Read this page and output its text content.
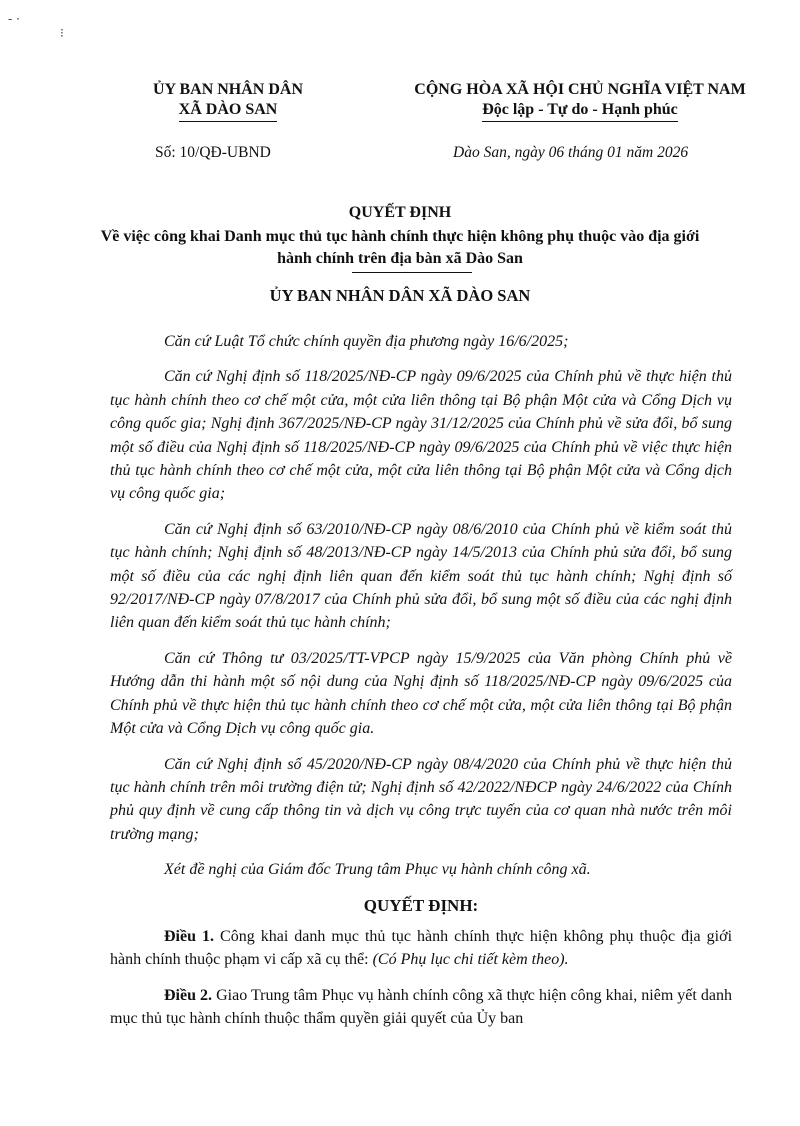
- ·
⁝
ỦY BAN NHÂN DÂN
XÃ DÀO SAN
CỘNG HÒA XÃ HỘI CHỦ NGHĨA VIỆT NAM
Độc lập - Tự do - Hạnh phúc
Số: 10/QĐ-UBND	Dào San, ngày 06 tháng 01 năm 2026
QUYẾT ĐỊNH
Về việc công khai Danh mục thủ tục hành chính thực hiện không phụ thuộc vào địa giới hành chính trên địa bàn xã Dào San
ỦY BAN NHÂN DÂN XÃ DÀO SAN

Căn cứ Luật Tổ chức chính quyền địa phương ngày 16/6/2025;

Căn cứ Nghị định số 118/2025/NĐ-CP ngày 09/6/2025 của Chính phủ về thực hiện thủ tục hành chính theo cơ chế một cửa, một cửa liên thông tại Bộ phận Một cửa và Cổng Dịch vụ công quốc gia; Nghị định 367/2025/NĐ-CP ngày 31/12/2025 của Chính phủ về sửa đổi, bổ sung một số điều của Nghị định số 118/2025/NĐ-CP ngày 09/6/2025 của Chính phủ về việc thực hiện thủ tục hành chính theo cơ chế một cửa, một cửa liên thông tại Bộ phận Một cửa và Cổng dịch vụ công quốc gia;

Căn cứ Nghị định số 63/2010/NĐ-CP ngày 08/6/2010 của Chính phủ về kiểm soát thủ tục hành chính; Nghị định số 48/2013/NĐ-CP ngày 14/5/2013 của Chính phủ sửa đổi, bổ sung một số điều của các nghị định liên quan đến kiểm soát thủ tục hành chính; Nghị định số 92/2017/NĐ-CP ngày 07/8/2017 của Chính phủ sửa đổi, bổ sung một số điều của các nghị định liên quan đến kiểm soát thủ tục hành chính;

Căn cứ Thông tư 03/2025/TT-VPCP ngày 15/9/2025 của Văn phòng Chính phủ về Hướng dẫn thi hành một số nội dung của Nghị định số 118/2025/NĐ-CP ngày 09/6/2025 của Chính phủ về thực hiện thủ tục hành chính theo cơ chế một cửa, một cửa liên thông tại Bộ phận Một cửa và Cổng Dịch vụ công quốc gia.

Căn cứ Nghị định số 45/2020/NĐ-CP ngày 08/4/2020 của Chính phủ về thực hiện thủ tục hành chính trên môi trường điện tử; Nghị định số 42/2022/NĐCP ngày 24/6/2022 của Chính phủ quy định về cung cấp thông tin và dịch vụ công trực tuyến của cơ quan nhà nước trên môi trường mạng;

Xét đề nghị của Giám đốc Trung tâm Phục vụ hành chính công xã.

QUYẾT ĐỊNH:

Điều 1. Công khai danh mục thủ tục hành chính thực hiện không phụ thuộc địa giới hành chính thuộc phạm vi cấp xã cụ thể: (Có Phụ lục chi tiết kèm theo).

Điều 2. Giao Trung tâm Phục vụ hành chính công xã thực hiện công khai, niêm yết danh mục thủ tục hành chính thuộc thẩm quyền giải quyết của Ủy ban
